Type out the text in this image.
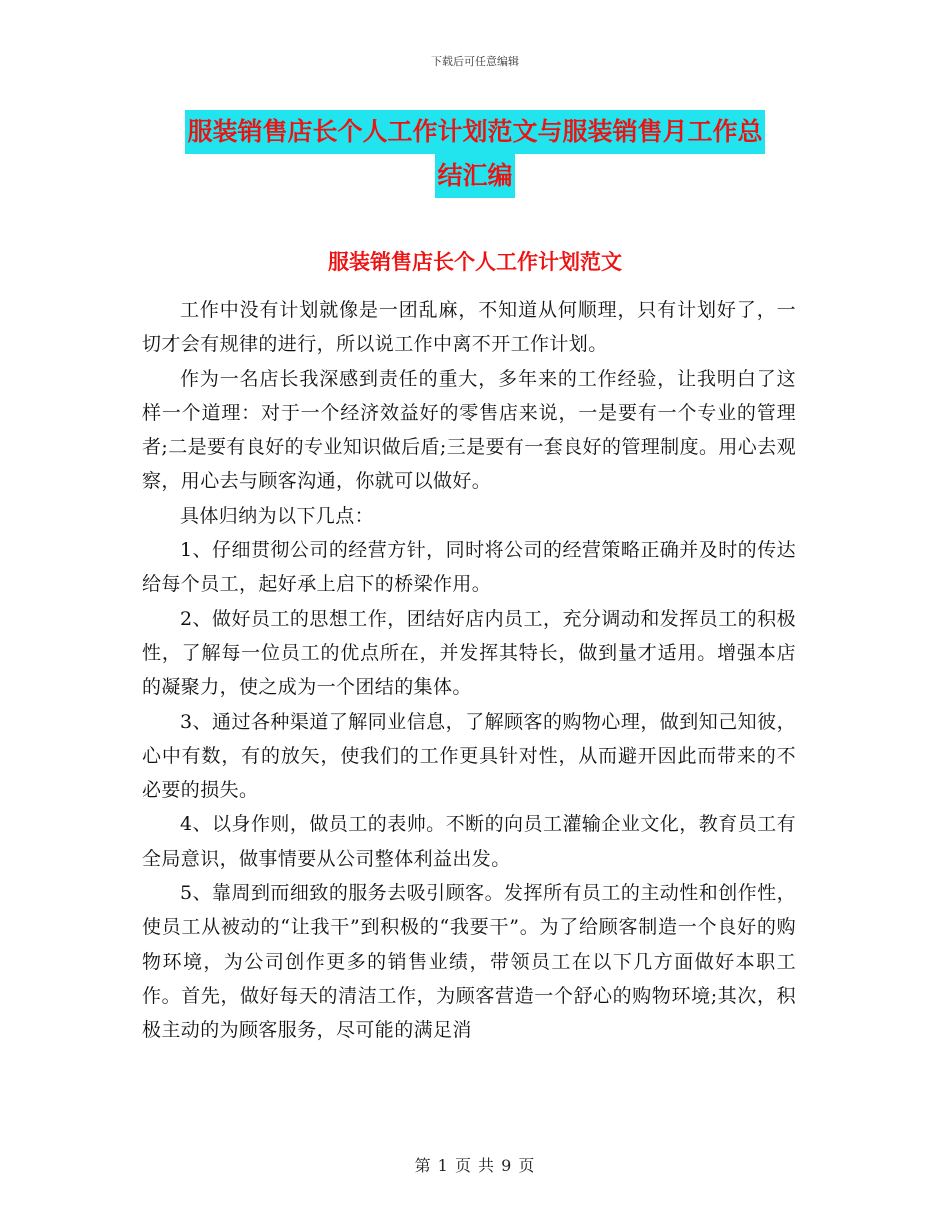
下载后可任意编辑
服装销售店长个人工作计划范文与服装销售月工作总
结汇编
服装销售店长个人工作计划范文

工作中没有计划就像是一团乱麻，不知道从何顺理，只有计划好了，一切才会有规律的进行，所以说工作中离不开工作计划。

作为一名店长我深感到责任的重大，多年来的工作经验，让我明白了这样一个道理：对于一个经济效益好的零售店来说，一是要有一个专业的管理者;二是要有良好的专业知识做后盾;三是要有一套良好的管理制度。用心去观察，用心去与顾客沟通，你就可以做好。

具体归纳为以下几点：

1、仔细贯彻公司的经营方针，同时将公司的经营策略正确并及时的传达给每个员工，起好承上启下的桥梁作用。

2、做好员工的思想工作，团结好店内员工，充分调动和发挥员工的积极性，了解每一位员工的优点所在，并发挥其特长，做到量才适用。增强本店的凝聚力，使之成为一个团结的集体。

3、通过各种渠道了解同业信息，了解顾客的购物心理，做到知己知彼，心中有数，有的放矢，使我们的工作更具针对性，从而避开因此而带来的不必要的损失。

4、以身作则，做员工的表帅。不断的向员工灌输企业文化，教育员工有全局意识，做事情要从公司整体利益出发。

5、靠周到而细致的服务去吸引顾客。发挥所有员工的主动性和创作性，使员工从被动的“让我干”到积极的“我要干”。为了给顾客制造一个良好的购物环境，为公司创作更多的销售业绩，带领员工在以下几方面做好本职工作。首先，做好每天的清洁工作，为顾客营造一个舒心的购物环境;其次，积极主动的为顾客服务，尽可能的满足消

第 1 页 共 9 页
